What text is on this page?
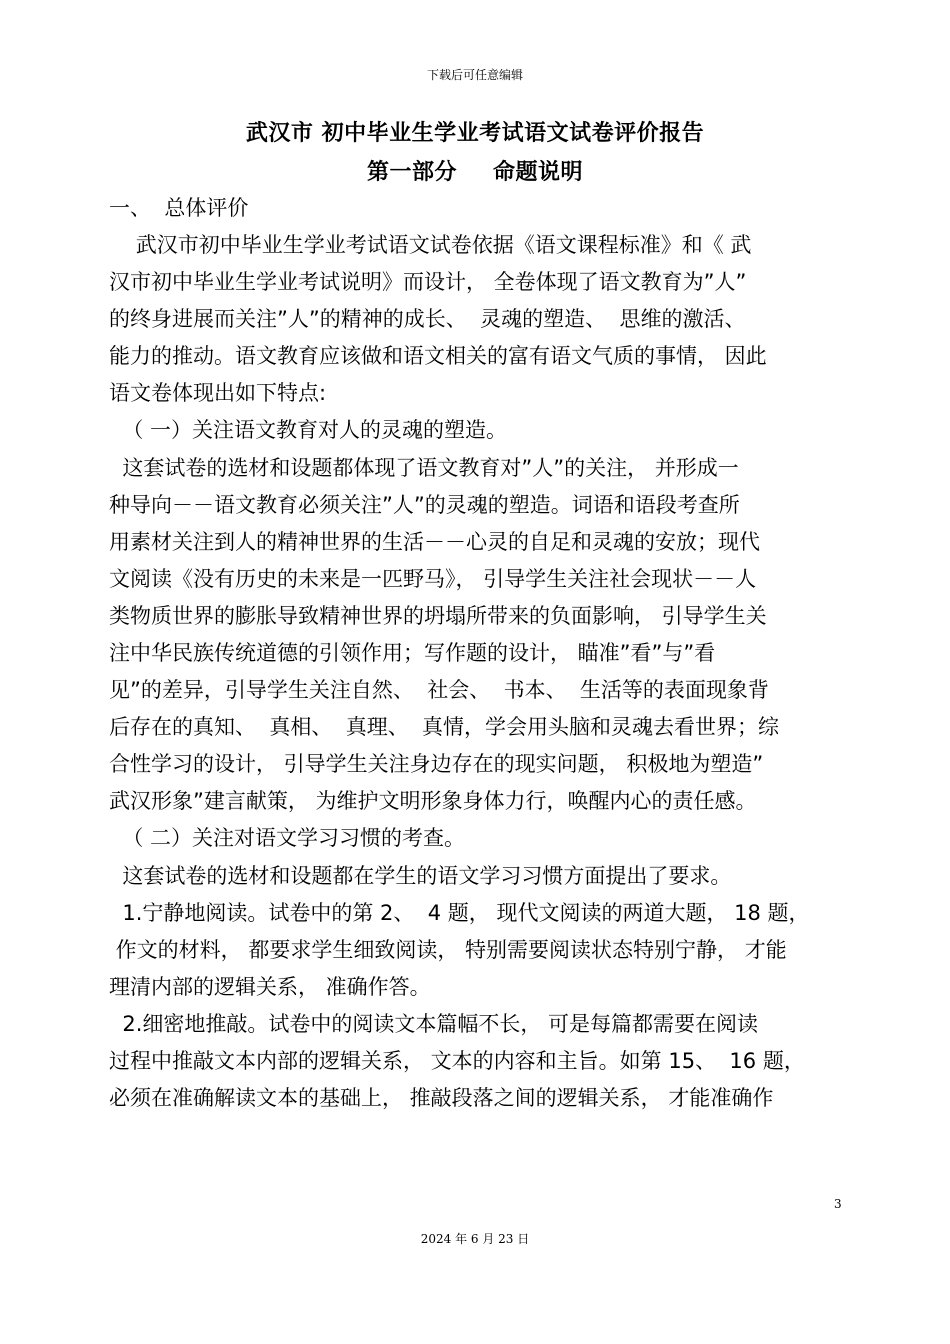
下载后可任意编辑
武汉市 初中毕业生学业考试语文试卷评价报告
第一部分 命题说明
一、  总体评价
武汉市初中毕业生学业考试语文试卷依据《语文课程标准》和《 武
汉市初中毕业生学业考试说明》而设计， 全卷体现了语文教育为”人”
的终身进展而关注”人”的精神的成长、  灵魂的塑造、  思维的激活、
能力的推动。语文教育应该做和语文相关的富有语文气质的事情， 因此
语文卷体现出如下特点:
（ 一）关注语文教育对人的灵魂的塑造。
这套试卷的选材和设题都体现了语文教育对”人”的关注， 并形成一
种导向－－语文教育必须关注”人”的灵魂的塑造。词语和语段考查所
用素材关注到人的精神世界的生活－－心灵的自足和灵魂的安放；现代
文阅读《没有历史的未来是一匹野马》， 引导学生关注社会现状－－人
类物质世界的膨胀导致精神世界的坍塌所带来的负面影响， 引导学生关
注中华民族传统道德的引领作用；写作题的设计， 瞄准”看”与”看
见”的差异，引导学生关注自然、  社会、  书本、  生活等的表面现象背
后存在的真知、  真相、  真理、  真情，学会用头脑和灵魂去看世界；综
合性学习的设计， 引导学生关注身边存在的现实问题， 积极地为塑造”
武汉形象”建言献策， 为维护文明形象身体力行，唤醒内心的责任感。
（ 二）关注对语文学习习惯的考查。
这套试卷的选材和设题都在学生的语文学习习惯方面提出了要求。
1.宁静地阅读。试卷中的第 2、  4 题， 现代文阅读的两道大题， 18 题，
作文的材料， 都要求学生细致阅读， 特别需要阅读状态特别宁静， 才能
理清内部的逻辑关系， 准确作答。
2.细密地推敲。试卷中的阅读文本篇幅不长， 可是每篇都需要在阅读
过程中推敲文本内部的逻辑关系， 文本的内容和主旨。如第 15、  16 题，
必须在准确解读文本的基础上， 推敲段落之间的逻辑关系， 才能准确作
3
2024 年 6 月 23 日
